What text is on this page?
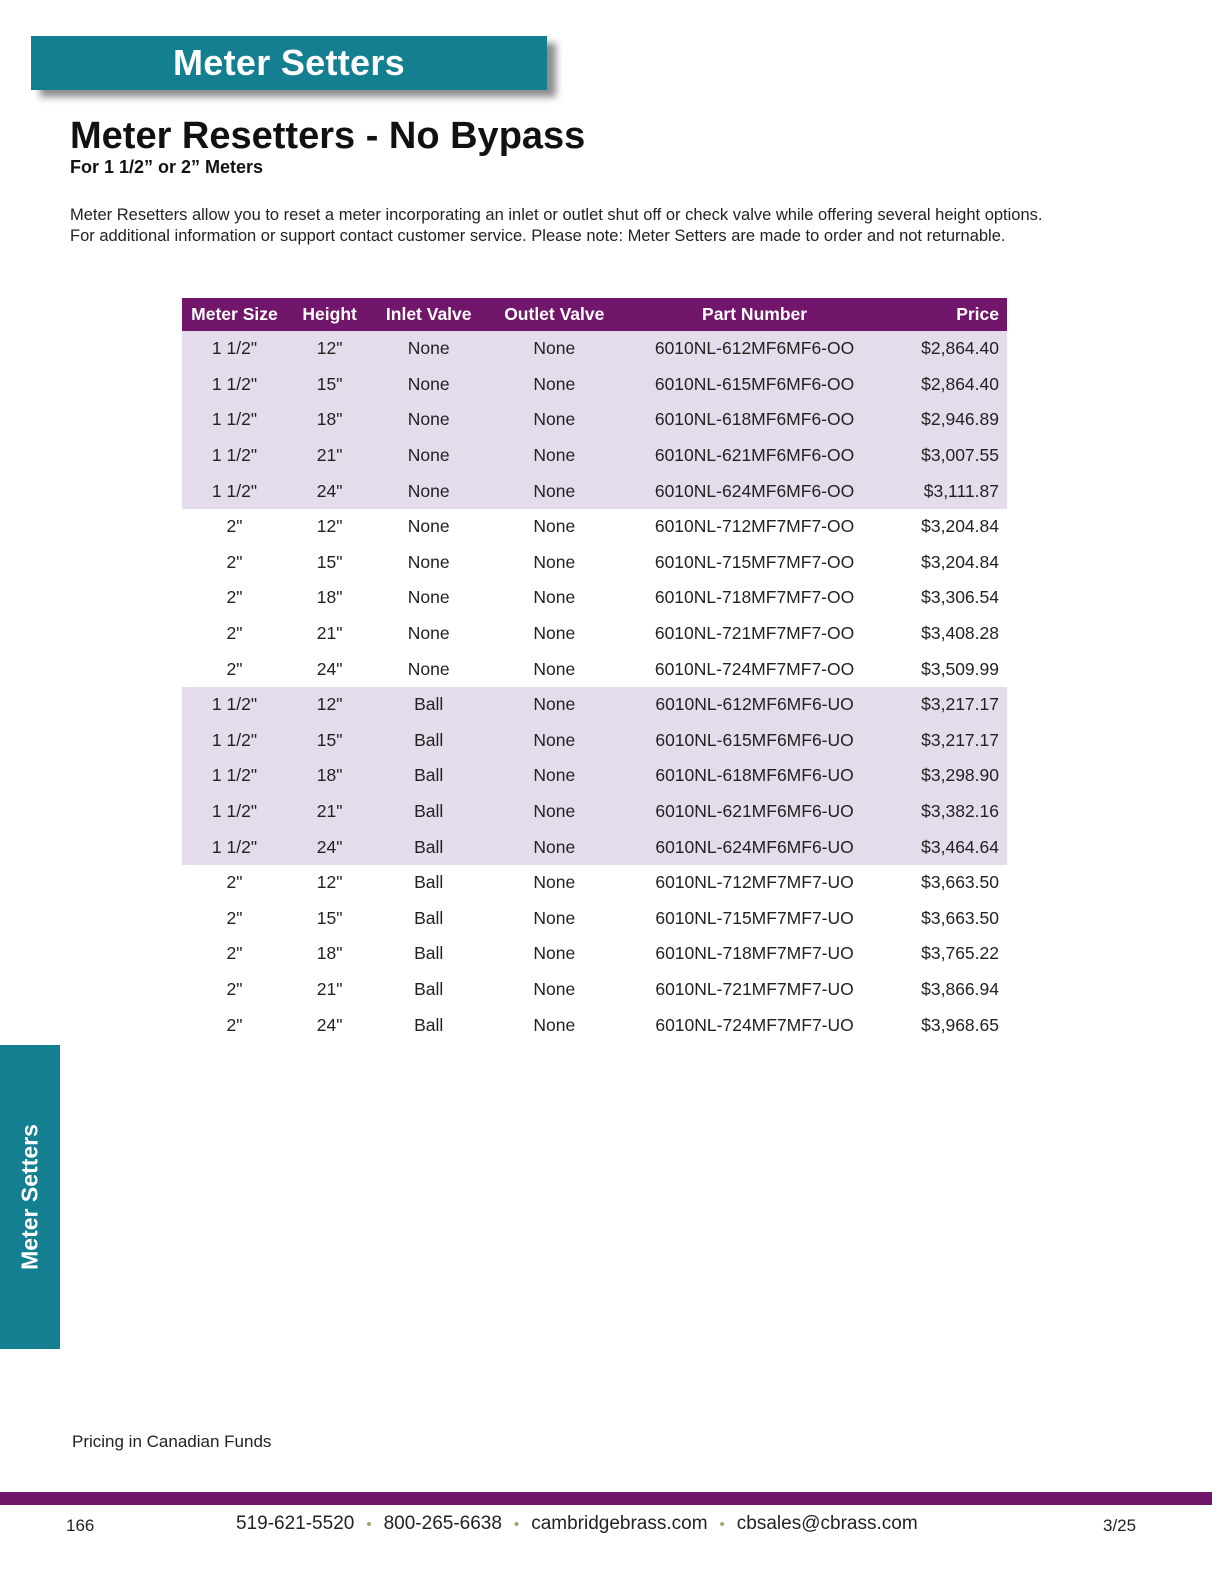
Meter Setters
Meter Resetters - No Bypass
For 1 1/2” or 2” Meters
Meter Resetters allow you to reset a meter incorporating an inlet or outlet shut off or check valve while offering several height options.
For additional information or support contact customer service. Please note: Meter Setters are made to order and not returnable.
Meter Size	Height	Inlet Valve	Outlet Valve	Part Number	Price
1 1/2"	12"	None	None	6010NL-612MF6MF6-OO	$2,864.40
1 1/2"	15"	None	None	6010NL-615MF6MF6-OO	$2,864.40
1 1/2"	18"	None	None	6010NL-618MF6MF6-OO	$2,946.89
1 1/2"	21"	None	None	6010NL-621MF6MF6-OO	$3,007.55
1 1/2"	24"	None	None	6010NL-624MF6MF6-OO	$3,111.87
2"	12"	None	None	6010NL-712MF7MF7-OO	$3,204.84
2"	15"	None	None	6010NL-715MF7MF7-OO	$3,204.84
2"	18"	None	None	6010NL-718MF7MF7-OO	$3,306.54
2"	21"	None	None	6010NL-721MF7MF7-OO	$3,408.28
2"	24"	None	None	6010NL-724MF7MF7-OO	$3,509.99
1 1/2"	12"	Ball	None	6010NL-612MF6MF6-UO	$3,217.17
1 1/2"	15"	Ball	None	6010NL-615MF6MF6-UO	$3,217.17
1 1/2"	18"	Ball	None	6010NL-618MF6MF6-UO	$3,298.90
1 1/2"	21"	Ball	None	6010NL-621MF6MF6-UO	$3,382.16
1 1/2"	24"	Ball	None	6010NL-624MF6MF6-UO	$3,464.64
2"	12"	Ball	None	6010NL-712MF7MF7-UO	$3,663.50
2"	15"	Ball	None	6010NL-715MF7MF7-UO	$3,663.50
2"	18"	Ball	None	6010NL-718MF7MF7-UO	$3,765.22
2"	21"	Ball	None	6010NL-721MF7MF7-UO	$3,866.94
2"	24"	Ball	None	6010NL-724MF7MF7-UO	$3,968.65
Meter Setters
Pricing in Canadian Funds
166	519-621-5520 • 800-265-6638 • cambridgebrass.com • cbsales@cbrass.com	3/25
